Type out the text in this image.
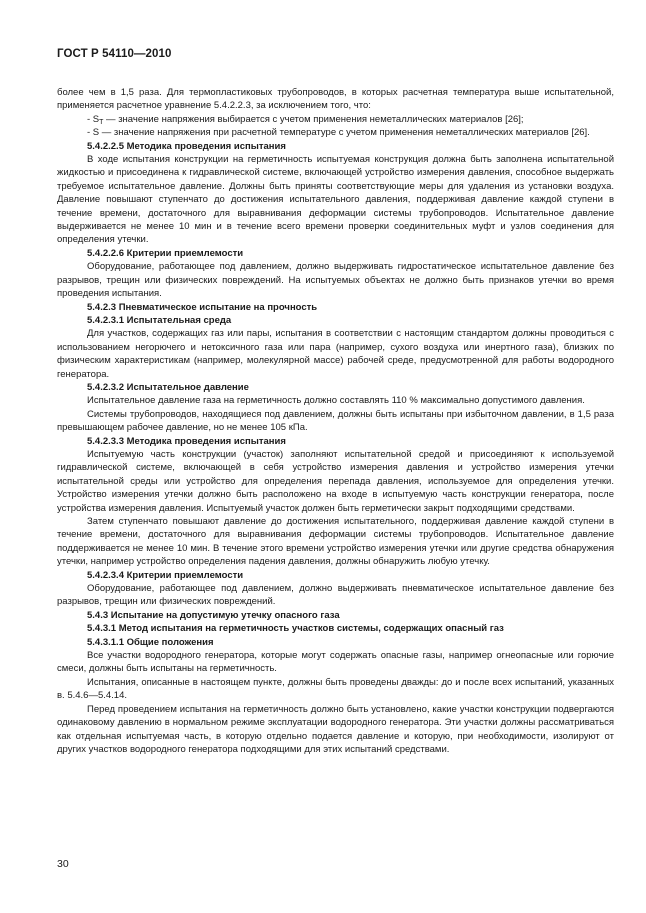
ГОСТ Р 54110—2010

более чем в 1,5 раза. Для термопластиковых трубопроводов, в которых расчетная температура выше испытательной, применяется расчетное уравнение 5.4.2.2.3, за исключением того, что:

- $S_T$ — значение напряжения выбирается с учетом применения неметаллических материалов [26];

- S — значение напряжения при расчетной температуре с учетом применения неметаллических материалов [26].

5.4.2.2.5 Методика проведения испытания

В ходе испытания конструкции на герметичность испытуемая конструкция должна быть заполнена испытательной жидкостью и присоединена к гидравлической системе, включающей устройство измерения давления, способное выдержать требуемое испытательное давление. Должны быть приняты соответствующие меры для удаления из установки воздуха. Давление повышают ступенчато до достижения испытательного давления, поддерживая давление каждой ступени в течение времени, достаточного для выравнивания деформации системы трубопроводов. Испытательное давление выдерживается не менее 10 мин и в течение всего времени проверки соединительных муфт и узлов соединения для определения утечки.

5.4.2.2.6 Критерии приемлемости

Оборудование, работающее под давлением, должно выдерживать гидростатическое испытательное давление без разрывов, трещин или физических повреждений. На испытуемых объектах не должно быть признаков утечки во время проведения испытания.

5.4.2.3 Пневматическое испытание на прочность

5.4.2.3.1 Испытательная среда

Для участков, содержащих газ или пары, испытания в соответствии с настоящим стандартом должны проводиться с использованием негорючего и нетоксичного газа или пара (например, сухого воздуха или инертного газа), близких по физическим характеристикам (например, молекулярной массе) рабочей среде, предусмотренной для работы водородного генератора.

5.4.2.3.2 Испытательное давление

Испытательное давление газа на герметичность должно составлять 110 % максимально допустимого давления.

Системы трубопроводов, находящиеся под давлением, должны быть испытаны при избыточном давлении, в 1,5 раза превышающем рабочее давление, но не менее 105 кПа.

5.4.2.3.3 Методика проведения испытания

Испытуемую часть конструкции (участок) заполняют испытательной средой и присоединяют к используемой гидравлической системе, включающей в себя устройство измерения давления и устройство измерения утечки испытательной среды или устройство для определения перепада давления, используемое для определения утечки. Устройство измерения утечки должно быть расположено на входе в испытуемую часть конструкции генератора, после устройства измерения давления. Испытуемый участок должен быть герметически закрыт подходящими средствами.

Затем ступенчато повышают давление до достижения испытательного, поддерживая давление каждой ступени в течение времени, достаточного для выравнивания деформации системы трубопроводов. Испытательное давление поддерживается не менее 10 мин. В течение этого времени устройство измерения утечки или другие средства обнаружения утечки, например устройство определения падения давления, должны обнаружить любую утечку.

5.4.2.3.4 Критерии приемлемости

Оборудование, работающее под давлением, должно выдерживать пневматическое испытательное давление без разрывов, трещин или физических повреждений.

5.4.3 Испытание на допустимую утечку опасного газа

5.4.3.1 Метод испытания на герметичность участков системы, содержащих опасный газ

5.4.3.1.1 Общие положения

Все участки водородного генератора, которые могут содержать опасные газы, например огнеопасные или горючие смеси, должны быть испытаны на герметичность.

Испытания, описанные в настоящем пункте, должны быть проведены дважды: до и после всех испытаний, указанных в. 5.4.6—5.4.14.

Перед проведением испытания на герметичность должно быть установлено, какие участки конструкции подвергаются одинаковому давлению в нормальном режиме эксплуатации водородного генератора. Эти участки должны рассматриваться как отдельная испытуемая часть, в которую отдельно подается давление и которую, при необходимости, изолируют от других участков водородного генератора подходящими для этих испытаний средствами.

30
